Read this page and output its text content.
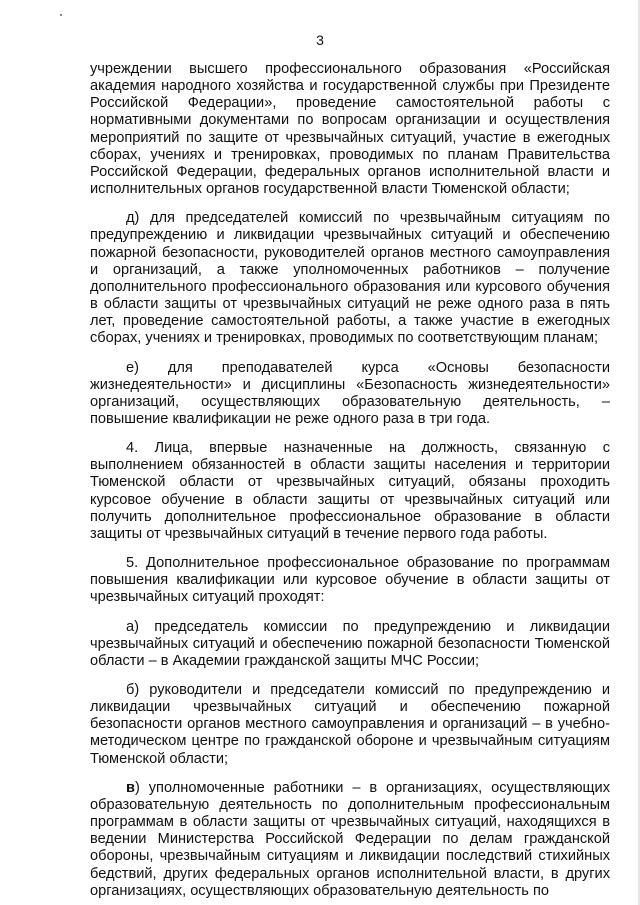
3

учреждении высшего профессионального образования «Российская академия народного хозяйства и государственной службы при Президенте Российской Федерации», проведение самостоятельной работы с нормативными документами по вопросам организации и осуществления мероприятий по защите от чрезвычайных ситуаций, участие в ежегодных сборах, учениях и тренировках, проводимых по планам Правительства Российской Федерации, федеральных органов исполнительной власти и исполнительных органов государственной власти Тюменской области;

д) для председателей комиссий по чрезвычайным ситуациям по предупреждению и ликвидации чрезвычайных ситуаций и обеспечению пожарной безопасности, руководителей органов местного самоуправления и организаций, а также уполномоченных работников – получение дополнительного профессионального образования или курсового обучения в области защиты от чрезвычайных ситуаций не реже одного раза в пять лет, проведение самостоятельной работы, а также участие в ежегодных сборах, учениях и тренировках, проводимых по соответствующим планам;

е) для преподавателей курса «Основы безопасности жизнедеятельности» и дисциплины «Безопасность жизнедеятельности» организаций, осуществляющих образовательную деятельность, – повышение квалификации не реже одного раза в три года.

4. Лица, впервые назначенные на должность, связанную с выполнением обязанностей в области защиты населения и территории Тюменской области от чрезвычайных ситуаций, обязаны проходить курсовое обучение в области защиты от чрезвычайных ситуаций или получить дополнительное профессиональное образование в области защиты от чрезвычайных ситуаций в течение первого года работы.

5. Дополнительное профессиональное образование по программам повышения квалификации или курсовое обучение в области защиты от чрезвычайных ситуаций проходят:

а) председатель комиссии по предупреждению и ликвидации чрезвычайных ситуаций и обеспечению пожарной безопасности Тюменской области – в Академии гражданской защиты МЧС России;

б) руководители и председатели комиссий по предупреждению и ликвидации чрезвычайных ситуаций и обеспечению пожарной безопасности органов местного самоуправления и организаций – в учебно-методическом центре по гражданской обороне и чрезвычайным ситуациям Тюменской области;

в) уполномоченные работники – в организациях, осуществляющих образовательную деятельность по дополнительным профессиональным программам в области защиты от чрезвычайных ситуаций, находящихся в ведении Министерства Российской Федерации по делам гражданской обороны, чрезвычайным ситуациям и ликвидации последствий стихийных бедствий, других федеральных органов исполнительной власти, в других организациях, осуществляющих образовательную деятельность по
